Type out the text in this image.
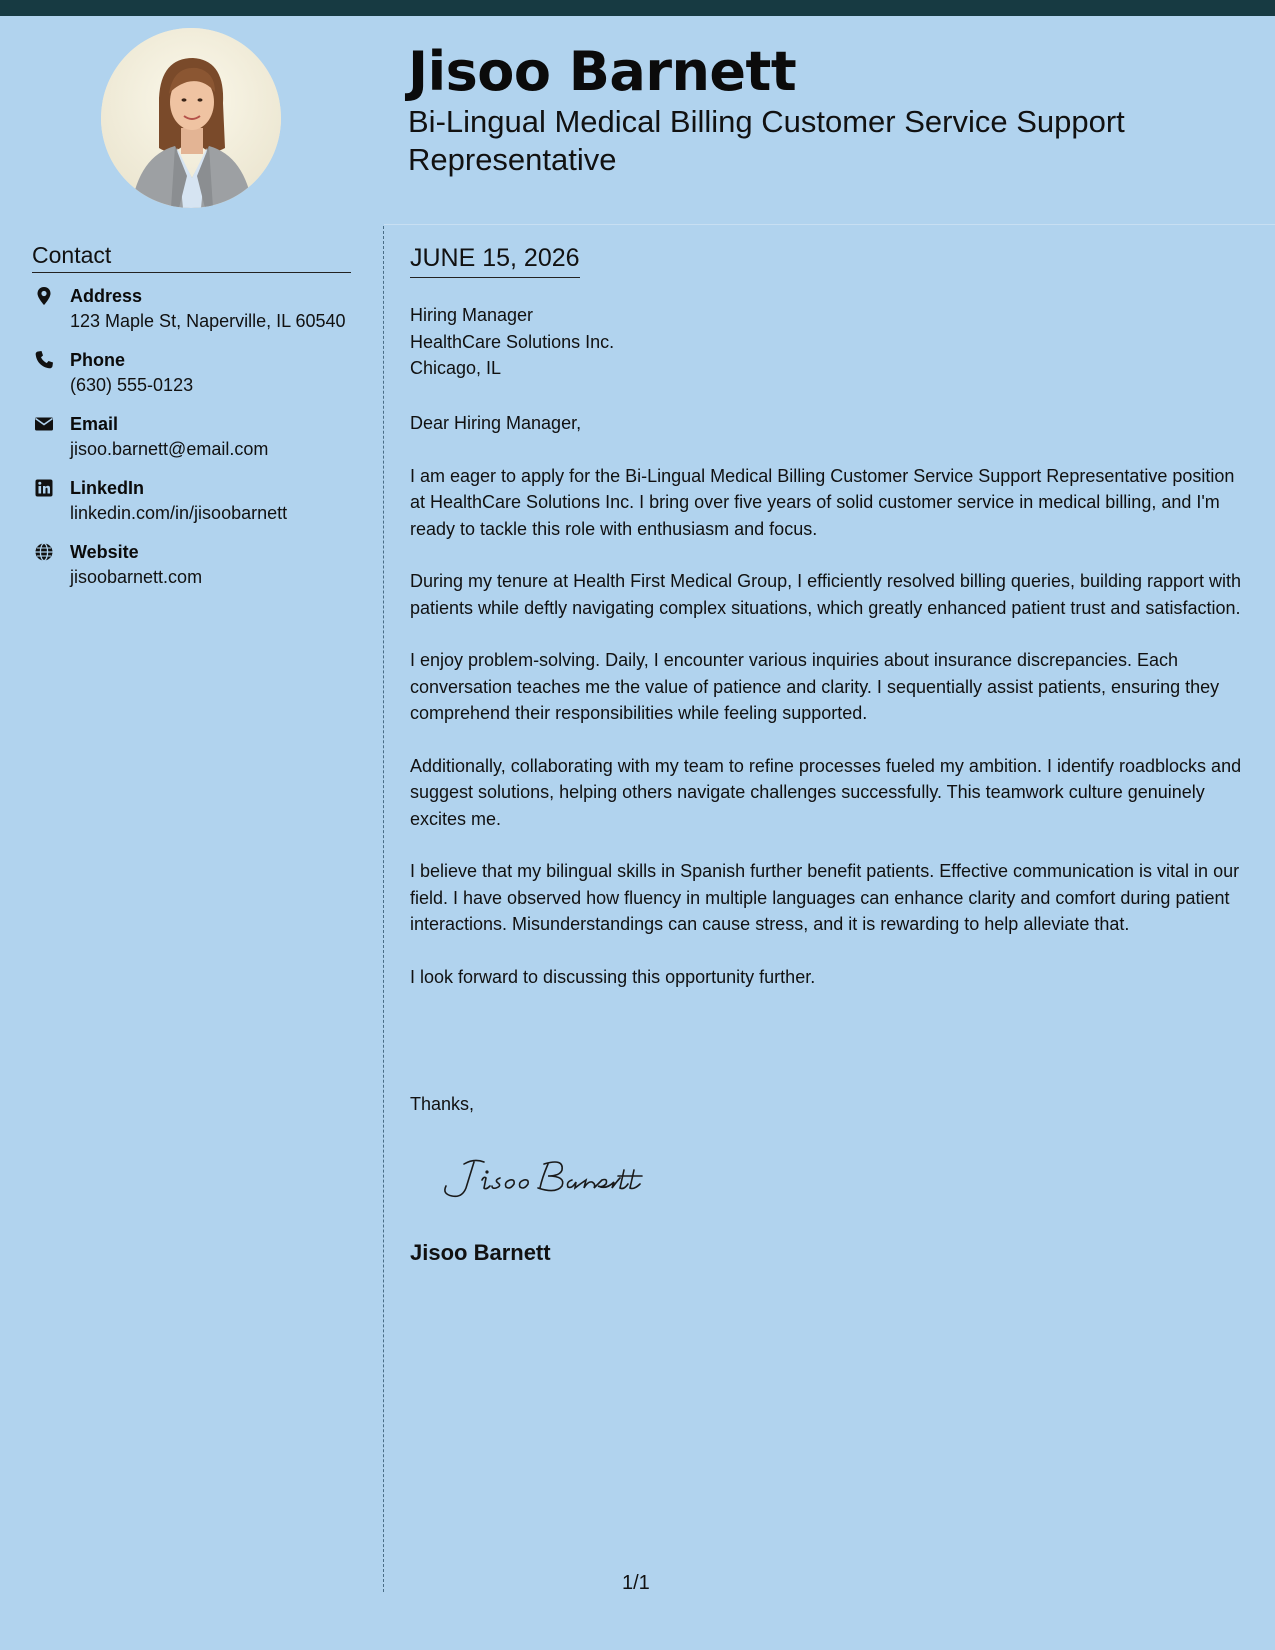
Jisoo Barnett
Bi-Lingual Medical Billing Customer Service Support Representative
Contact
Address
123 Maple St, Naperville, IL 60540
Phone
(630) 555-0123
Email
jisoo.barnett@email.com
LinkedIn
linkedin.com/in/jisoobarnett
Website
jisoobarnett.com
JUNE 15, 2026
Hiring Manager
HealthCare Solutions Inc.
Chicago, IL

Dear Hiring Manager,

I am eager to apply for the Bi-Lingual Medical Billing Customer Service Support Representative position at HealthCare Solutions Inc. I bring over five years of solid customer service in medical billing, and I'm ready to tackle this role with enthusiasm and focus.

During my tenure at Health First Medical Group, I efficiently resolved billing queries, building rapport with patients while deftly navigating complex situations, which greatly enhanced patient trust and satisfaction.

I enjoy problem-solving. Daily, I encounter various inquiries about insurance discrepancies. Each conversation teaches me the value of patience and clarity. I sequentially assist patients, ensuring they comprehend their responsibilities while feeling supported.

Additionally, collaborating with my team to refine processes fueled my ambition. I identify roadblocks and suggest solutions, helping others navigate challenges successfully. This teamwork culture genuinely excites me.

I believe that my bilingual skills in Spanish further benefit patients. Effective communication is vital in our field. I have observed how fluency in multiple languages can enhance clarity and comfort during patient interactions. Misunderstandings can cause stress, and it is rewarding to help alleviate that.

I look forward to discussing this opportunity further.

Thanks,
Jisoo Barnett
1/1
